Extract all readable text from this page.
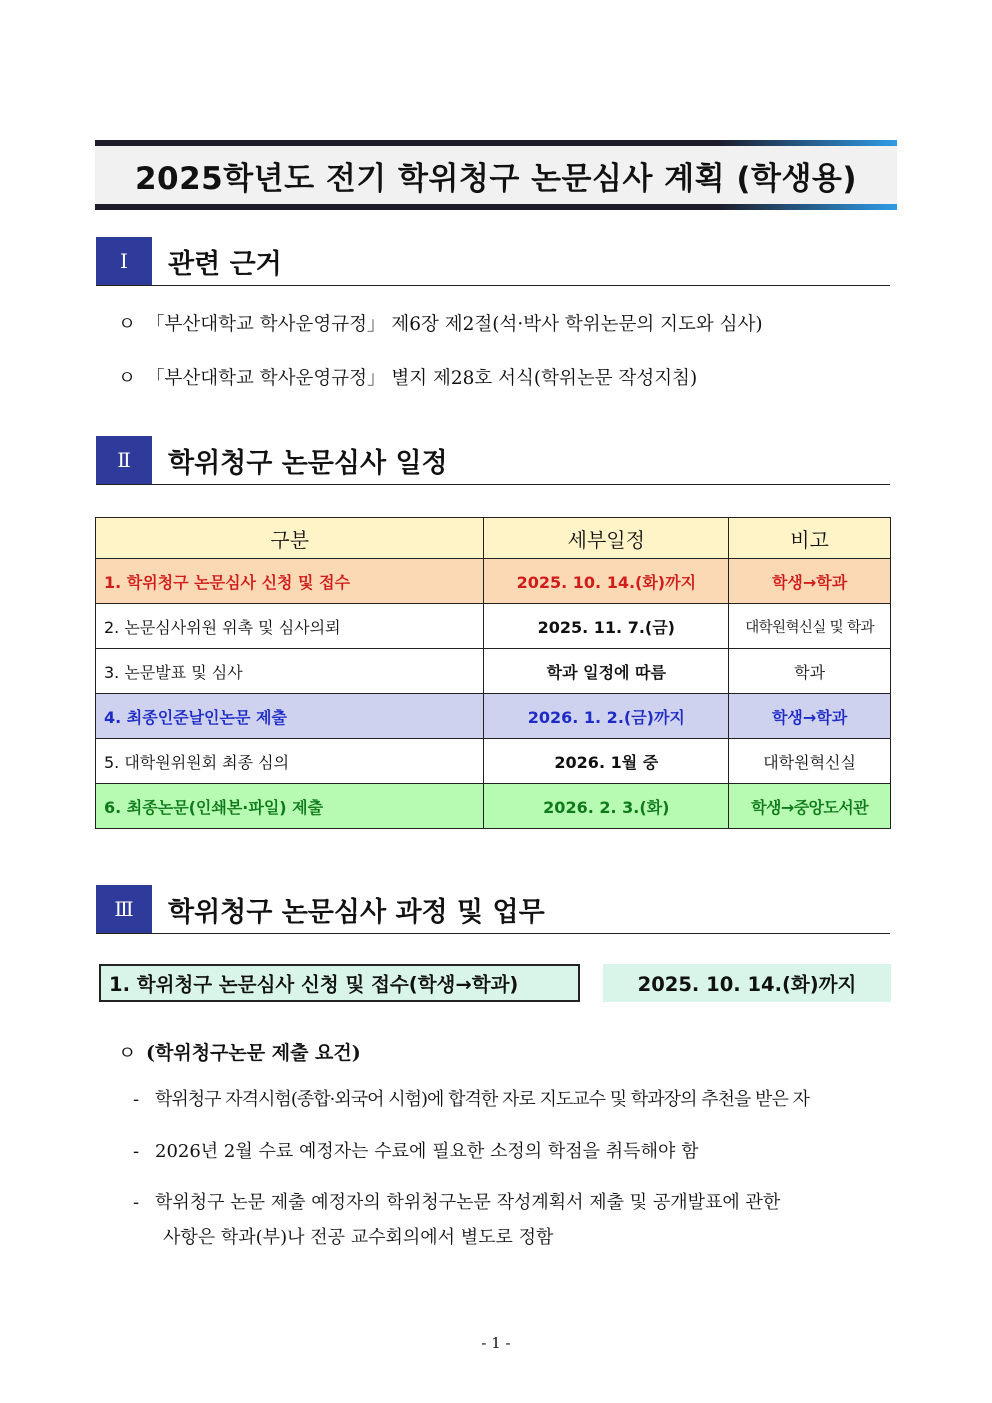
2025학년도 전기 학위청구 논문심사 계획 (학생용)
Ⅰ	관련 근거
ㅇ 「부산대학교 학사운영규정」 제6장 제2절(석·박사 학위논문의 지도와 심사)
ㅇ 「부산대학교 학사운영규정」 별지 제28호 서식(학위논문 작성지침)
Ⅱ	학위청구 논문심사 일정
구분	세부일정	비고
1. 학위청구 논문심사 신청 및 접수	2025. 10. 14.(화)까지	학생→학과
2. 논문심사위원 위촉 및 심사의뢰	2025. 11. 7.(금)	대학원혁신실 및 학과
3. 논문발표 및 심사	학과 일정에 따름	학과
4. 최종인준날인논문 제출	2026. 1. 2.(금)까지	학생→학과
5. 대학원위원회 최종 심의	2026. 1월 중	대학원혁신실
6. 최종논문(인쇄본·파일) 제출	2026. 2. 3.(화)	학생→중앙도서관
Ⅲ	학위청구 논문심사 과정 및 업무
1. 학위청구 논문심사 신청 및 접수(학생→학과)	2025. 10. 14.(화)까지
ㅇ (학위청구논문 제출 요건)
- 학위청구 자격시험(종합·외국어 시험)에 합격한 자로 지도교수 및 학과장의 추천을 받은 자
- 2026년 2월 수료 예정자는 수료에 필요한 소정의 학점을 취득해야 함
- 학위청구 논문 제출 예정자의 학위청구논문 작성계획서 제출 및 공개발표에 관한
사항은 학과(부)나 전공 교수회의에서 별도로 정함
- 1 -
